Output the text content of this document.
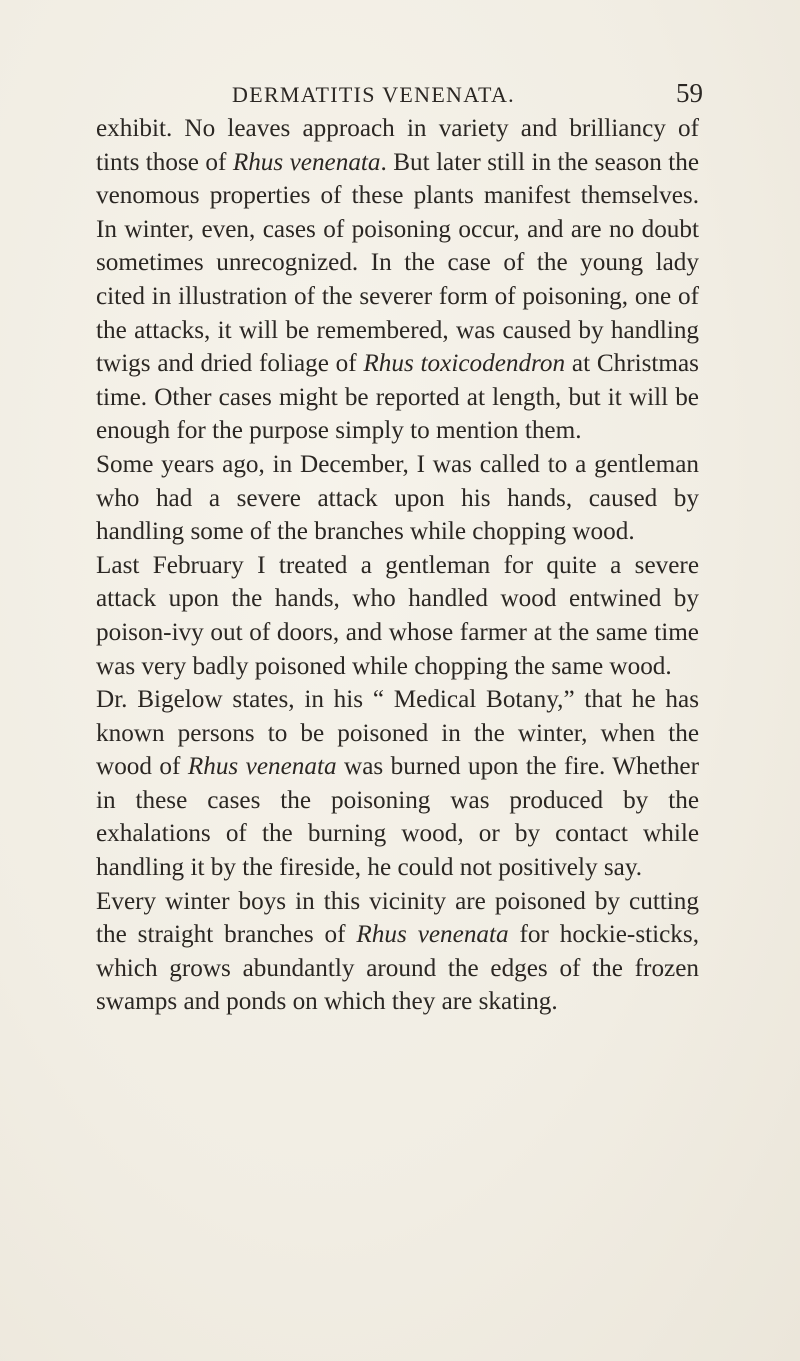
DERMATITIS VENENATA.	59

exhibit. No leaves approach in variety and brilliancy of tints those of Rhus venenata. But later still in the season the venomous properties of these plants manifest themselves. In winter, even, cases of poisoning occur, and are no doubt sometimes unrecognized. In the case of the young lady cited in illustration of the severer form of poisoning, one of the attacks, it will be remembered, was caused by handling twigs and dried foliage of Rhus toxicodendron at Christmas time. Other cases might be reported at length, but it will be enough for the purpose simply to mention them.

Some years ago, in December, I was called to a gentleman who had a severe attack upon his hands, caused by handling some of the branches while chopping wood.

Last February I treated a gentleman for quite a severe attack upon the hands, who handled wood entwined by poison-ivy out of doors, and whose farmer at the same time was very badly poisoned while chopping the same wood.

Dr. Bigelow states, in his “ Medical Botany,” that he has known persons to be poisoned in the winter, when the wood of Rhus venenata was burned upon the fire. Whether in these cases the poisoning was produced by the exhalations of the burning wood, or by contact while handling it by the fireside, he could not positively say.

Every winter boys in this vicinity are poisoned by cutting the straight branches of Rhus venenata for hockie-sticks, which grows abundantly around the edges of the frozen swamps and ponds on which they are skating.
